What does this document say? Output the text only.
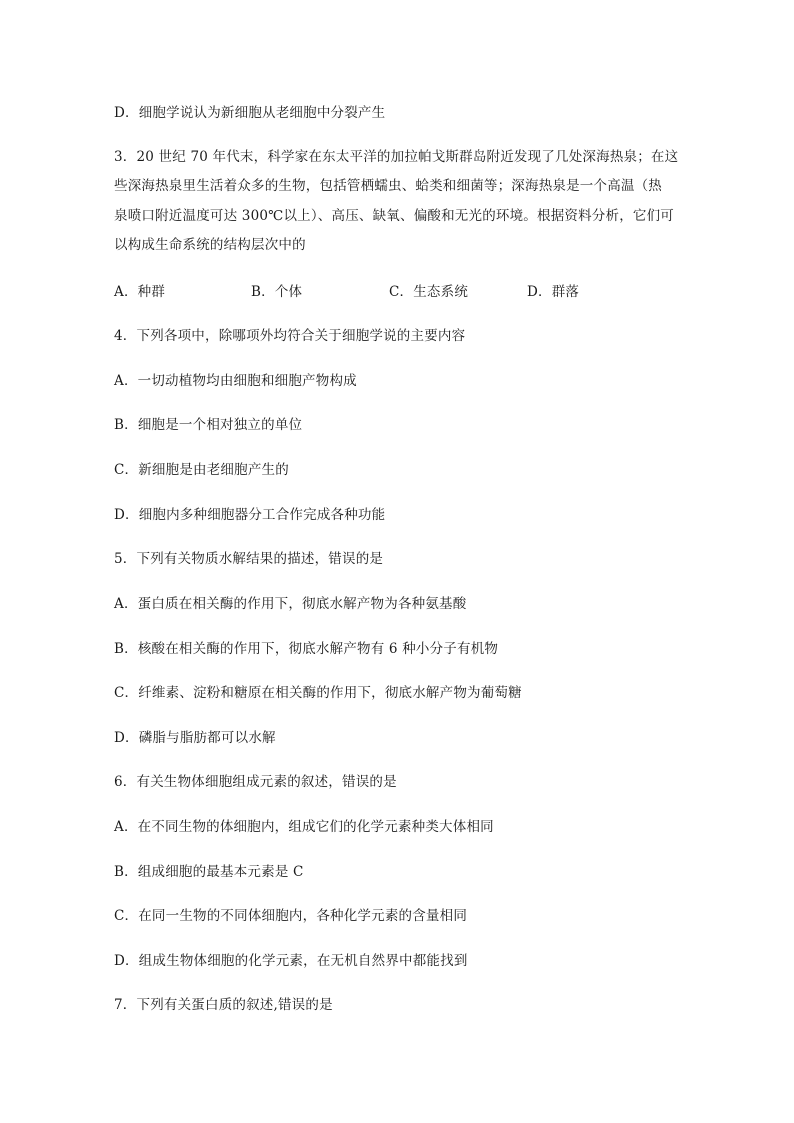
D．细胞学说认为新细胞从老细胞中分裂产生
3．20 世纪 70 年代末，科学家在东太平洋的加拉帕戈斯群岛附近发现了几处深海热泉；在这
些深海热泉里生活着众多的生物，包括管栖蠕虫、蛤类和细菌等；深海热泉是一个高温（热
泉喷口附近温度可达 300℃以上）、高压、缺氧、偏酸和无光的环境。根据资料分析，它们可
以构成生命系统的结构层次中的
A．种群	B．个体	C．生态系统	D．群落
4．下列各项中，除哪项外均符合关于细胞学说的主要内容
A．一切动植物均由细胞和细胞产物构成
B．细胞是一个相对独立的单位
C．新细胞是由老细胞产生的
D．细胞内多种细胞器分工合作完成各种功能
5．下列有关物质水解结果的描述，错误的是
A．蛋白质在相关酶的作用下，彻底水解产物为各种氨基酸
B．核酸在相关酶的作用下，彻底水解产物有 6 种小分子有机物
C．纤维素、淀粉和糖原在相关酶的作用下，彻底水解产物为葡萄糖
D．磷脂与脂肪都可以水解
6．有关生物体细胞组成元素的叙述，错误的是
A．在不同生物的体细胞内，组成它们的化学元素种类大体相同
B．组成细胞的最基本元素是 C
C．在同一生物的不同体细胞内，各种化学元素的含量相同
D．组成生物体细胞的化学元素，在无机自然界中都能找到
7．下列有关蛋白质的叙述,错误的是
